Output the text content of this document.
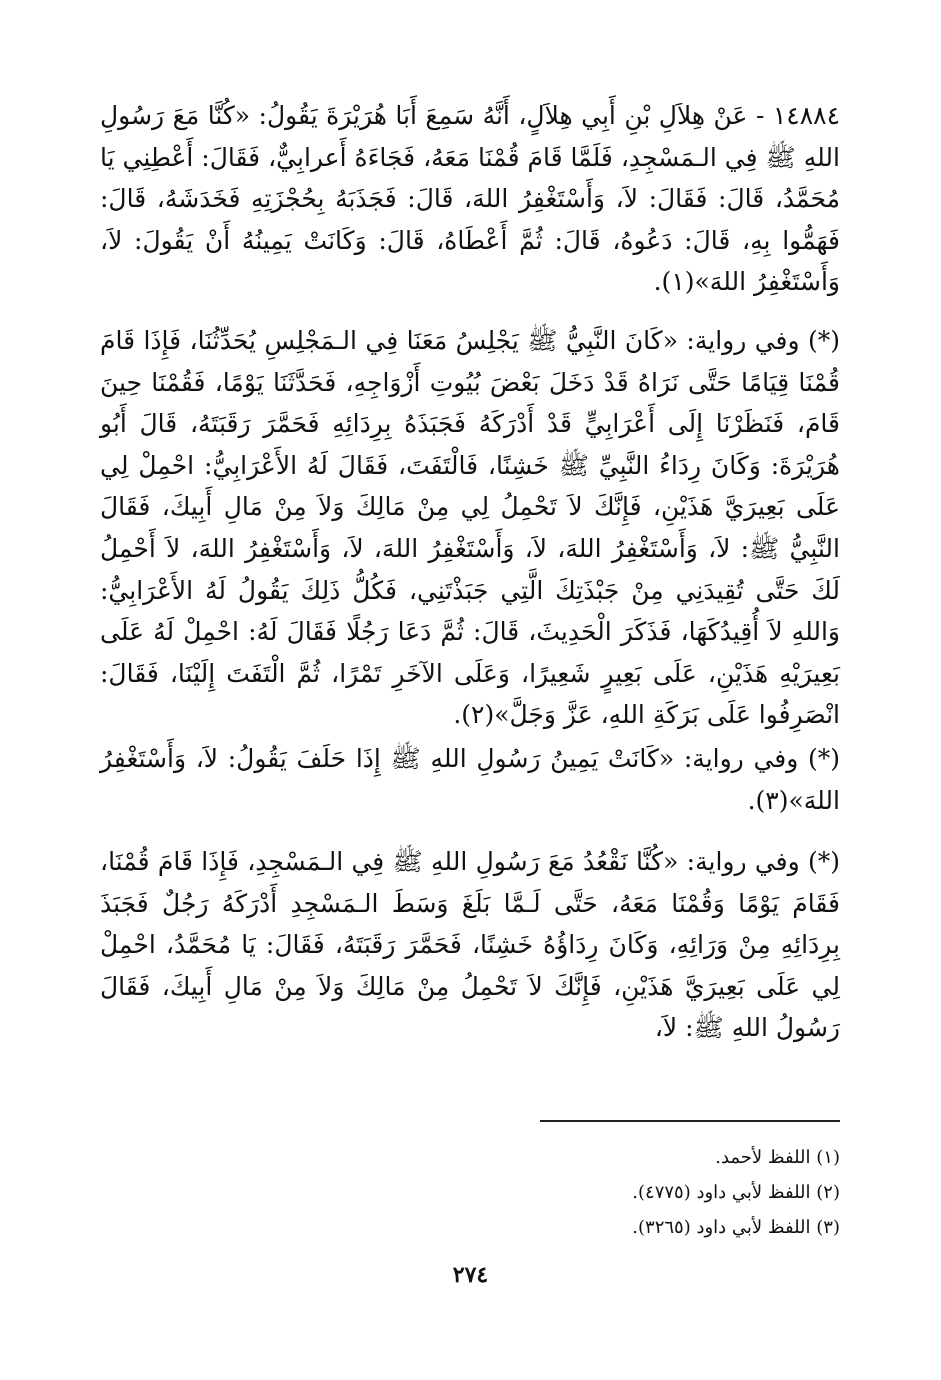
١٤٨٨٤ - عَنْ هِلاَلِ بْنِ أَبِي هِلاَلٍ، أَنَّهُ سَمِعَ أَبَا هُرَيْرَةَ يَقُولُ: «كُنَّا مَعَ رَسُولِ اللهِ ﷺ فِي الـمَسْجِدِ، فَلَمَّا قَامَ قُمْنَا مَعَهُ، فَجَاءَهُ أَعرابِيٌّ، فَقَالَ: أَعْطِنِي يَا مُحَمَّدُ، قَالَ: فَقَالَ: لاَ، وَأَسْتَغْفِرُ اللهَ، قَالَ: فَجَذَبَهُ بِحُجْزَتِهِ فَخَدَشَهُ، قَالَ: فَهَمُّوا بِهِ، قَالَ: دَعُوهُ، قَالَ: ثُمَّ أَعْطَاهُ، قَالَ: وَكَانَتْ يَمِينُهُ أَنْ يَقُولَ: لاَ، وَأَسْتَغْفِرُ اللهَ»(١).

(*) وفي رواية: «كَانَ النَّبِيُّ ﷺ يَجْلِسُ مَعَنَا فِي الـمَجْلِسِ يُحَدِّثُنَا، فَإِذَا قَامَ قُمْنَا قِيَامًا حَتَّى نَرَاهُ قَدْ دَخَلَ بَعْضَ بُيُوتِ أَزْوَاجِهِ، فَحَدَّثَنَا يَوْمًا، فَقُمْنَا حِينَ قَامَ، فَنَظَرْنَا إِلَى أَعْرَابِيٍّ قَدْ أَدْرَكَهُ فَجَبَذَهُ بِرِدَائِهِ فَحَمَّرَ رَقَبَتَهُ، قَالَ أَبُو هُرَيْرَةَ: وَكَانَ رِدَاءُ النَّبِيِّ ﷺ خَشِنًا، فَالْتَفَتَ، فَقَالَ لَهُ الأَعْرَابِيُّ: احْمِلْ لِي عَلَى بَعِيرَيَّ هَذَيْنِ، فَإِنَّكَ لاَ تَحْمِلُ لِي مِنْ مَالِكَ وَلاَ مِنْ مَالِ أَبِيكَ، فَقَالَ النَّبِيُّ ﷺ: لاَ، وَأَسْتَغْفِرُ اللهَ، لاَ، وَأَسْتَغْفِرُ اللهَ، لاَ، وَأَسْتَغْفِرُ اللهَ، لاَ أَحْمِلُ لَكَ حَتَّى تُقِيدَنِي مِنْ جَبْذَتِكَ الَّتِي جَبَذْتَنِي، فَكُلُّ ذَلِكَ يَقُولُ لَهُ الأَعْرَابِيُّ: وَاللهِ لاَ أُقِيدُكَهَا، فَذَكَرَ الْحَدِيثَ، قَالَ: ثُمَّ دَعَا رَجُلًا فَقَالَ لَهُ: احْمِلْ لَهُ عَلَى بَعِيرَيْهِ هَذَيْنِ، عَلَى بَعِيرٍ شَعِيرًا، وَعَلَى الآخَرِ تَمْرًا، ثُمَّ الْتَفَتَ إِلَيْنَا، فَقَالَ: انْصَرِفُوا عَلَى بَرَكَةِ اللهِ، عَزَّ وَجَلَّ»(٢).

(*) وفي رواية: «كَانَتْ يَمِينُ رَسُولِ اللهِ ﷺ إِذَا حَلَفَ يَقُولُ: لاَ، وَأَسْتَغْفِرُ اللهَ»(٣).

(*) وفي رواية: «كُنَّا نَقْعُدُ مَعَ رَسُولِ اللهِ ﷺ فِي الـمَسْجِدِ، فَإِذَا قَامَ قُمْنَا، فَقَامَ يَوْمًا وَقُمْنَا مَعَهُ، حَتَّى لَـمَّا بَلَغَ وَسَطَ الـمَسْجِدِ أَدْرَكَهُ رَجُلٌ فَجَبَذَ بِرِدَائِهِ مِنْ وَرَائِهِ، وَكَانَ رِدَاؤُهُ خَشِنًا، فَحَمَّرَ رَقَبَتَهُ، فَقَالَ: يَا مُحَمَّدُ، احْمِلْ لِي عَلَى بَعِيرَيَّ هَذَيْنِ، فَإِنَّكَ لاَ تَحْمِلُ مِنْ مَالِكَ وَلاَ مِنْ مَالِ أَبِيكَ، فَقَالَ رَسُولُ اللهِ ﷺ: لاَ،

(١) اللفظ لأحمد.

(٢) اللفظ لأبي داود (٤٧٧٥).

(٣) اللفظ لأبي داود (٣٢٦٥).

٢٧٤
